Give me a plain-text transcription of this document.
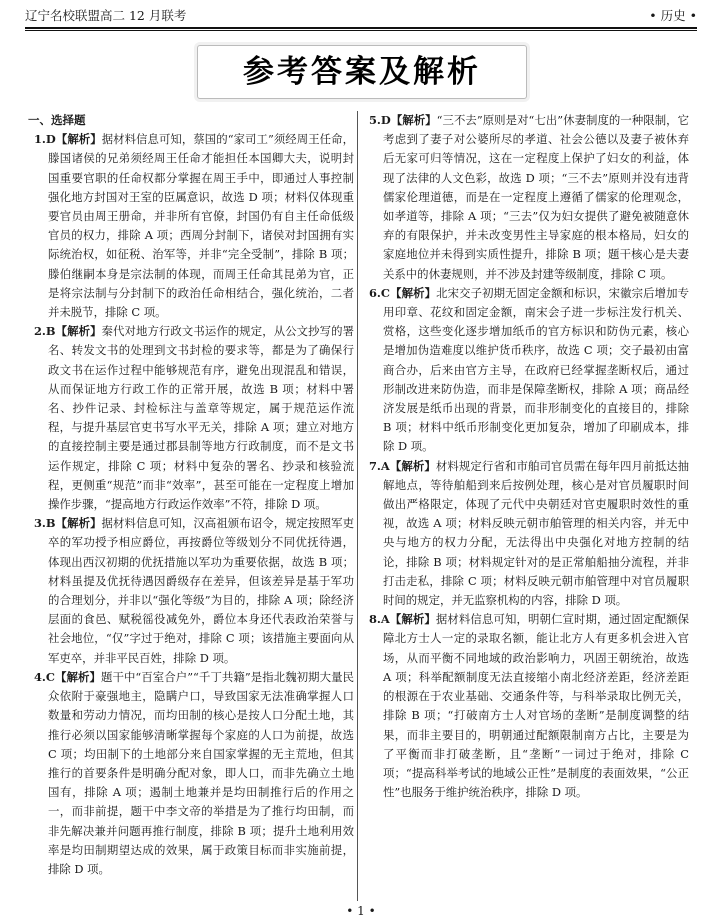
辽宁名校联盟高二 12 月联考	• 历史 •
参考答案及解析
一、选择题

1.D【解析】据材料信息可知，蔡国的“家司工”须经周王任命，滕国诸侯的兄弟须经周王任命才能担任本国卿大夫，说明封国重要官职的任命权都分掌握在周王手中，即通过人事控制强化地方封国对王室的臣属意识，故选 D 项；材料仅体现重要官员由周王册命，并非所有官僚，封国仍有自主任命低级官员的权力，排除 A 项；西周分封制下，诸侯对封国拥有实际统治权，如征税、治军等，并非“完全受制”，排除 B 项；滕伯继嗣本身是宗法制的体现，而周王任命其昆弟为官，正是将宗法制与分封制下的政治任命相结合，强化统治，二者并未脱节，排除 C 项。

2.B【解析】秦代对地方行政文书运作的规定，从公文抄写的署名、转发文书的处理到文书封检的要求等，都是为了确保行政文书在运作过程中能够规范有序，避免出现混乱和错误，从而保证地方行政工作的正常开展，故选 B 项；材料中署名、抄件记录、封检标注与盖章等规定，属于规范运作流程，与提升基层官吏书写水平无关，排除 A 项；建立对地方的直接控制主要是通过郡县制等地方行政制度，而不是文书运作规定，排除 C 项；材料中复杂的署名、抄录和核验流程，更侧重“规范”而非“效率”，甚至可能在一定程度上增加操作步骤，“提高地方行政运作效率”不符，排除 D 项。

3.B【解析】据材料信息可知，汉高祖颁布诏令，规定按照军吏卒的军功授予相应爵位，再按爵位等级划分不同优抚待遇，体现出西汉初期的优抚措施以军功为重要依据，故选 B 项；材料虽提及优抚待遇因爵级存在差异，但该差异是基于军功的合理划分，并非以“强化等级”为目的，排除 A 项；除经济层面的食邑、赋税徭役减免外，爵位本身还代表政治荣誉与社会地位，“仅”字过于绝对，排除 C 项；该措施主要面向从军吏卒，并非平民百姓，排除 D 项。

4.C【解析】题干中“百室合户”“千丁共籍”是指北魏初期大量民众依附于豪强地主，隐瞒户口，导致国家无法准确掌握人口数量和劳动力情况，而均田制的核心是按人口分配土地，其推行必须以国家能够清晰掌握每个家庭的人口为前提，故选 C 项；均田制下的土地部分来自国家掌握的无主荒地，但其推行的首要条件是明确分配对象，即人口，而非先确立土地国有，排除 A 项；遏制土地兼并是均田制推行后的作用之一，而非前提，题干中李文帝的举措是为了推行均田制，而非先解决兼并问题再推行制度，排除 B 项；提升土地利用效率是均田制期望达成的效果，属于政策目标而非实施前提，排除 D 项。

5.D【解析】“三不去”原则是对“七出”休妻制度的一种限制，它考虑到了妻子对公婆所尽的孝道、社会公德以及妻子被休弃后无家可归等情况，这在一定程度上保护了妇女的利益，体现了法律的人文色彩，故选 D 项；“三不去”原则并没有违背儒家伦理道德，而是在一定程度上遵循了儒家的伦理观念，如孝道等，排除 A 项；“三去”仅为妇女提供了避免被随意休弃的有限保护，并未改变男性主导家庭的根本格局，妇女的家庭地位并未得到实质性提升，排除 B 项；题干核心是夫妻关系中的休妻规则，并不涉及封建等级制度，排除 C 项。

6.C【解析】北宋交子初期无固定金额和标识，宋徽宗后增加专用印章、花纹和固定金额，南宋会子进一步标注发行机关、赏格，这些变化逐步增加纸币的官方标识和防伪元素，核心是增加伪造难度以维护货币秩序，故选 C 项；交子最初由富商合办，后来由官方主导，在政府已经掌握垄断权后，通过形制改进来防伪造，而非是保障垄断权，排除 A 项；商品经济发展是纸币出现的背景，而非形制变化的直接目的，排除 B 项；材料中纸币形制变化更加复杂，增加了印刷成本，排除 D 项。

7.A【解析】材料规定行省和市舶司官员需在每年四月前抵达抽解地点，等待舶船到来后按例处理，核心是对官员履职时间做出严格限定，体现了元代中央朝廷对官吏履职时效性的重视，故选 A 项；材料反映元朝市舶管理的相关内容，并无中央与地方的权力分配，无法得出中央强化对地方控制的结论，排除 B 项；材料规定针对的是正常舶船抽分流程，并非打击走私，排除 C 项；材料反映元朝市舶管理中对官员履职时间的规定，并无监察机构的内容，排除 D 项。

8.A【解析】据材料信息可知，明朝仁宣时期，通过固定配额保障北方士人一定的录取名额，能让北方人有更多机会进入官场，从而平衡不同地域的政治影响力，巩固王朝统治，故选 A 项；科举配额制度无法直接缩小南北经济差距，经济差距的根源在于农业基础、交通条件等，与科举录取比例无关，排除 B 项；“打破南方士人对官场的垄断”是制度调整的结果，而非主要目的，明朝通过配额限制南方占比，主要是为了平衡而非打破垄断，且“垄断”一词过于绝对，排除 C 项；“提高科举考试的地域公正性”是制度的表面效果，“公正性”也服务于维护统治秩序，排除 D 项。

• 1 •
